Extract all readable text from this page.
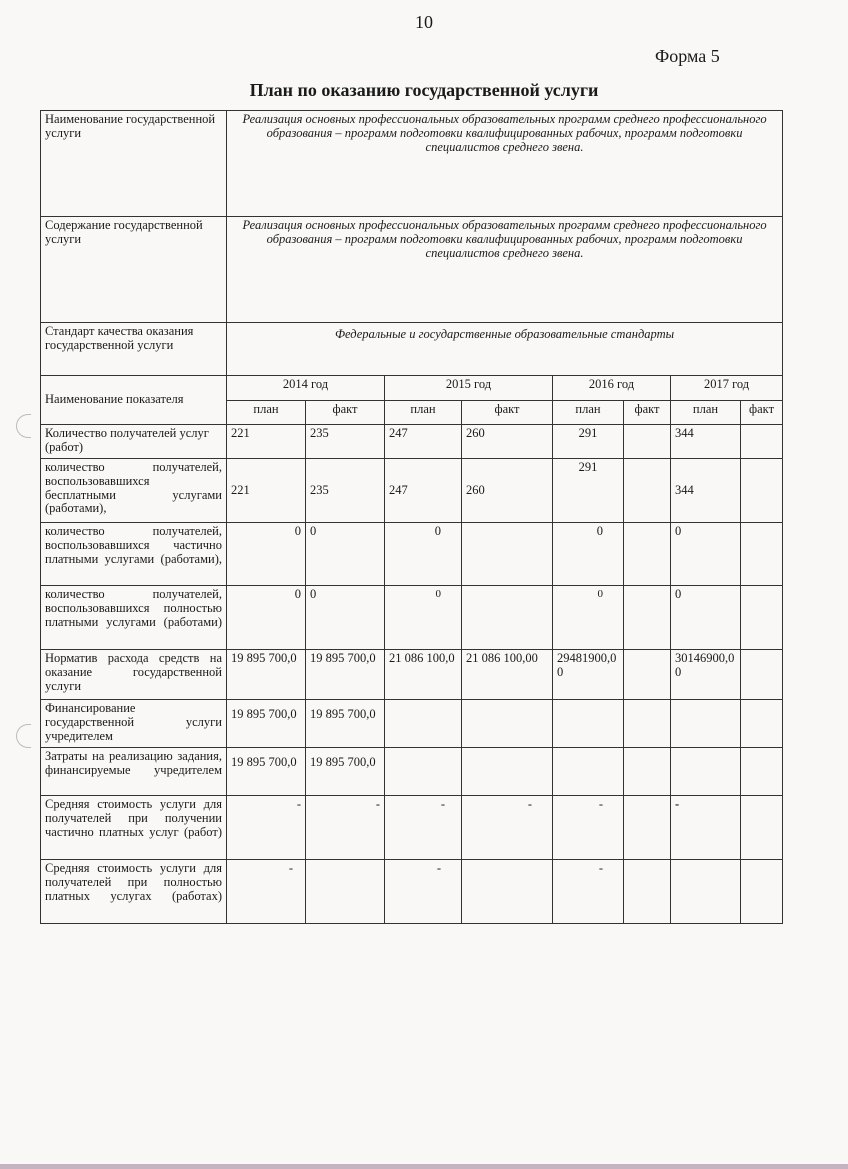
10
Форма 5
План по оказанию государственной услуги
Наименование государственной услуги	Реализация основных профессиональных образовательных программ среднего профессионального образования – программ подготовки квалифицированных рабочих, программ подготовки специалистов среднего звена.							
Содержание государственной услуги	Реализация основных профессиональных образовательных программ среднего профессионального образования – программ подготовки квалифицированных рабочих, программ подготовки специалистов среднего звена.							
Стандарт качества оказания государственной услуги	Федеральные и государственные образовательные стандарты							
Наименование показателя	2014 год		2015 год		2016 год		2017 год	
	план	факт	план	факт	план	факт	план	факт
Количество получателей услуг (работ)	221	235	247	260	291		344	
количество получателей, воспользовавшихся бесплатными услугами (работами),	221	235	247	260	291		344	
количество получателей, воспользовавшихся частично платными услугами (работами),	0	0	0		0		0	
количество получателей, воспользовавшихся полностью платными услугами (работами)	0	0	0		0		0	
Норматив расхода средств на оказание государственной услуги	19 895 700,0	19 895 700,0	21 086 100,0	21 086 100,00	29481900,00		30146900,00	
Финансирование государственной услуги учредителем	19 895 700,0	19 895 700,0						
Затраты на реализацию задания, финансируемые учредителем	19 895 700,0	19 895 700,0						
Средняя стоимость услуги для получателей при получении частично платных услуг (работ)	-	-	-	-	-		-	
Средняя стоимость услуги для получателей при полностью платных услугах (работах)	-		-		-			
